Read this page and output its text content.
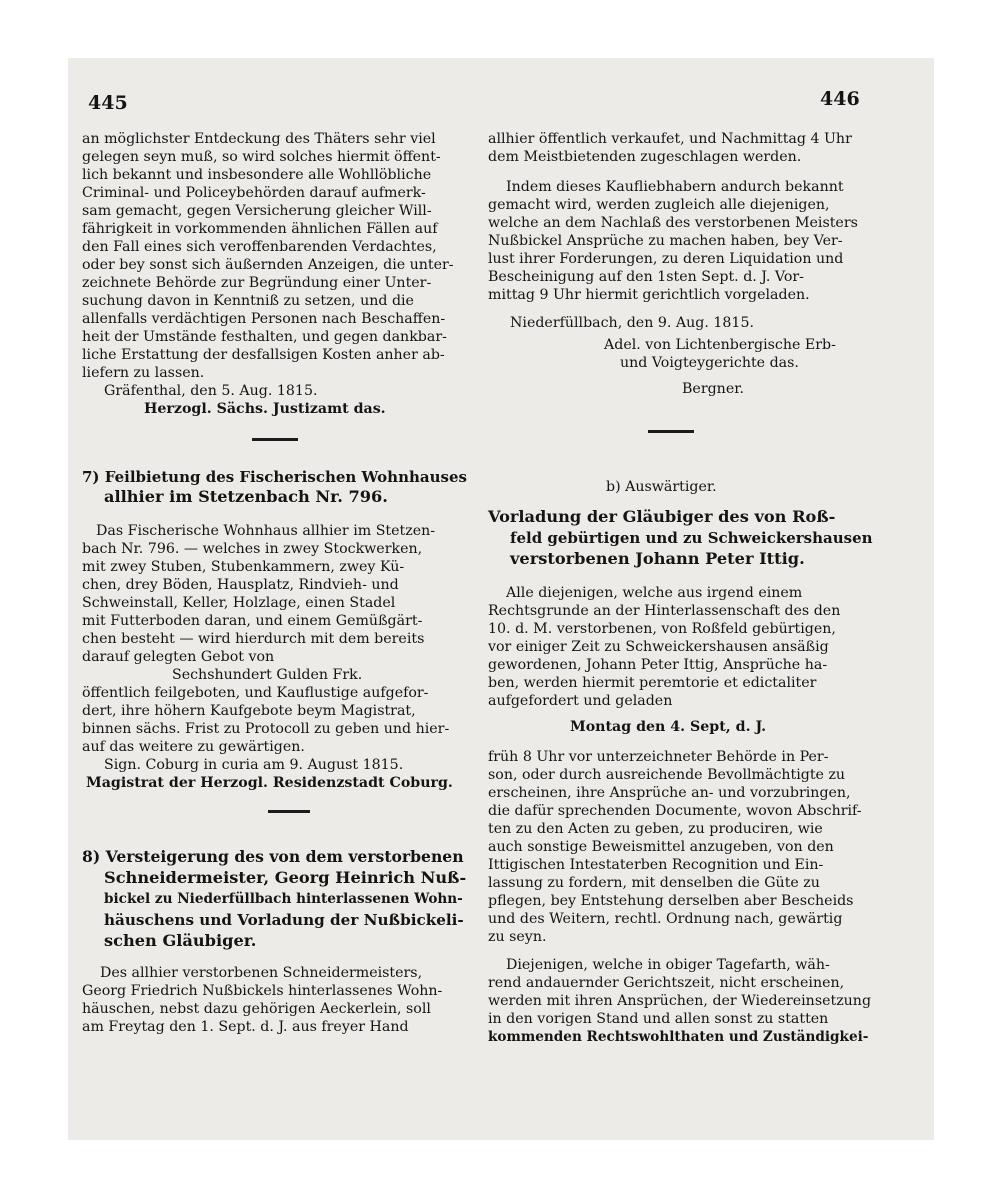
445	446
an möglichster Entdeckung des Thäters sehr viel
gelegen seyn muß, so wird solches hiermit öffent-
lich bekannt und insbesondere alle Wohllöbliche
Criminal- und Policeybehörden darauf aufmerk-
sam gemacht, gegen Versicherung gleicher Will-
fährigkeit in vorkommenden ähnlichen Fällen auf
den Fall eines sich veroffenbarenden Verdachtes,
oder bey sonst sich äußernden Anzeigen, die unter-
zeichnete Behörde zur Begründung einer Unter-
suchung davon in Kenntniß zu setzen, und die
allenfalls verdächtigen Personen nach Beschaffen-
heit der Umstände festhalten, und gegen dankbar-
liche Erstattung der desfallsigen Kosten anher ab-
liefern zu lassen.
Gräfenthal, den 5. Aug. 1815.
Herzogl. Sächs. Justizamt das.
7) Feilbietung des Fischerischen Wohnhauses
allhier im Stetzenbach Nr. 796.
Das Fischerische Wohnhaus allhier im Stetzen-
bach Nr. 796. — welches in zwey Stockwerken,
mit zwey Stuben, Stubenkammern, zwey Kü-
chen, drey Böden, Hausplatz, Rindvieh- und
Schweinstall, Keller, Holzlage, einen Stadel
mit Futterboden daran, und einem Gemüßgärt-
chen besteht — wird hierdurch mit dem bereits
darauf gelegten Gebot von
Sechshundert Gulden Frk.
öffentlich feilgeboten, und Kauflustige aufgefor-
dert, ihre höhern Kaufgebote beym Magistrat,
binnen sächs. Frist zu Protocoll zu geben und hier-
auf das weitere zu gewärtigen.
Sign. Coburg in curia am 9. August 1815.
Magistrat der Herzogl. Residenzstadt Coburg.
8) Versteigerung des von dem verstorbenen
Schneidermeister, Georg Heinrich Nuß-
bickel zu Niederfüllbach hinterlassenen Wohn-
häuschens und Vorladung der Nußbickeli-
schen Gläubiger.
Des allhier verstorbenen Schneidermeisters,
Georg Friedrich Nußbickels hinterlassenes Wohn-
häuschen, nebst dazu gehörigen Aeckerlein, soll
am Freytag den 1. Sept. d. J. aus freyer Hand
allhier öffentlich verkaufet, und Nachmittag 4 Uhr
dem Meistbietenden zugeschlagen werden.
Indem dieses Kaufliebhabern andurch bekannt
gemacht wird, werden zugleich alle diejenigen,
welche an dem Nachlaß des verstorbenen Meisters
Nußbickel Ansprüche zu machen haben, bey Ver-
lust ihrer Forderungen, zu deren Liquidation und
Bescheinigung auf den 1sten Sept. d. J. Vor-
mittag 9 Uhr hiermit gerichtlich vorgeladen.
Niederfüllbach, den 9. Aug. 1815.
Adel. von Lichtenbergische Erb-
und Voigteygerichte das.
Bergner.
b) Auswärtiger.
Vorladung der Gläubiger des von Roß-
feld gebürtigen und zu Schweickershausen
verstorbenen Johann Peter Ittig.
Alle diejenigen, welche aus irgend einem
Rechtsgrunde an der Hinterlassenschaft des den
10. d. M. verstorbenen, von Roßfeld gebürtigen,
vor einiger Zeit zu Schweickershausen ansäßig
gewordenen, Johann Peter Ittig, Ansprüche ha-
ben, werden hiermit peremtorie et edictaliter
aufgefordert und geladen
Montag den 4. Sept, d. J.
früh 8 Uhr vor unterzeichneter Behörde in Per-
son, oder durch ausreichende Bevollmächtigte zu
erscheinen, ihre Ansprüche an- und vorzubringen,
die dafür sprechenden Documente, wovon Abschrif-
ten zu den Acten zu geben, zu produciren, wie
auch sonstige Beweismittel anzugeben, von den
Ittigischen Intestaterben Recognition und Ein-
lassung zu fordern, mit denselben die Güte zu
pflegen, bey Entstehung derselben aber Bescheids
und des Weitern, rechtl. Ordnung nach, gewärtig
zu seyn.
Diejenigen, welche in obiger Tagefarth, wäh-
rend andauernder Gerichtszeit, nicht erscheinen,
werden mit ihren Ansprüchen, der Wiedereinsetzung
in den vorigen Stand und allen sonst zu statten
kommenden Rechtswohlthaten und Zuständigkei-
